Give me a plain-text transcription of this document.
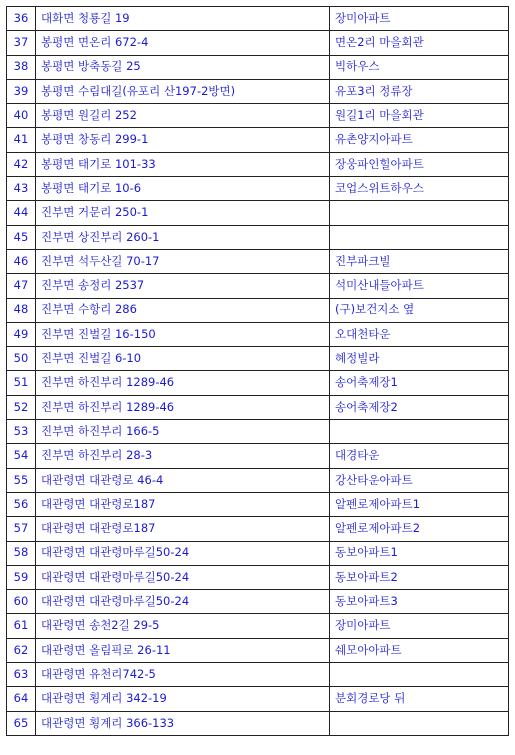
36	대화면 청룡길 19	장미아파트
37	봉평면 면온리 672-4	면온2리 마을회관
38	봉평면 방축동길 25	빅하우스
39	봉평면 수림대길(유포리 산197-2방면)	유포3리 정류장
40	봉평면 원길리 252	원길1리 마을회관
41	봉평면 창동리 299-1	유촌양지아파트
42	봉평면 태기로 101-33	장웅파인힐아파트
43	봉평면 태기로 10-6	코업스위트하우스
44	진부면 거문리 250-1	
45	진부면 상진부리 260-1	
46	진부면 석두산길 70-17	진부파크빌
47	진부면 송정리 2537	석미산내들아파트
48	진부면 수항리 286	(구)보건지소 옆
49	진부면 진벌길 16-150	오대천타운
50	진부면 진벌길 6-10	혜정빌라
51	진부면 하진부리 1289-46	송어축제장1
52	진부면 하진부리 1289-46	송어축제장2
53	진부면 하진부리 166-5	
54	진부면 하진부리 28-3	대경타운
55	대관령면 대관령로 46-4	강산타운아파트
56	대관령면 대관령로187	알펜로제아파트1
57	대관령면 대관령로187	알펜로제아파트2
58	대관령면 대관령마루길50-24	동보아파트1
59	대관령면 대관령마루길50-24	동보아파트2
60	대관령면 대관령마루길50-24	동보아파트3
61	대관령면 송천2길 29-5	장미아파트
62	대관령면 올림픽로 26-11	쉐모아아파트
63	대관령면 유천리742-5	
64	대관령면 횡계리 342-19	분회경로당 뒤
65	대관령면 횡계리 366-133	
